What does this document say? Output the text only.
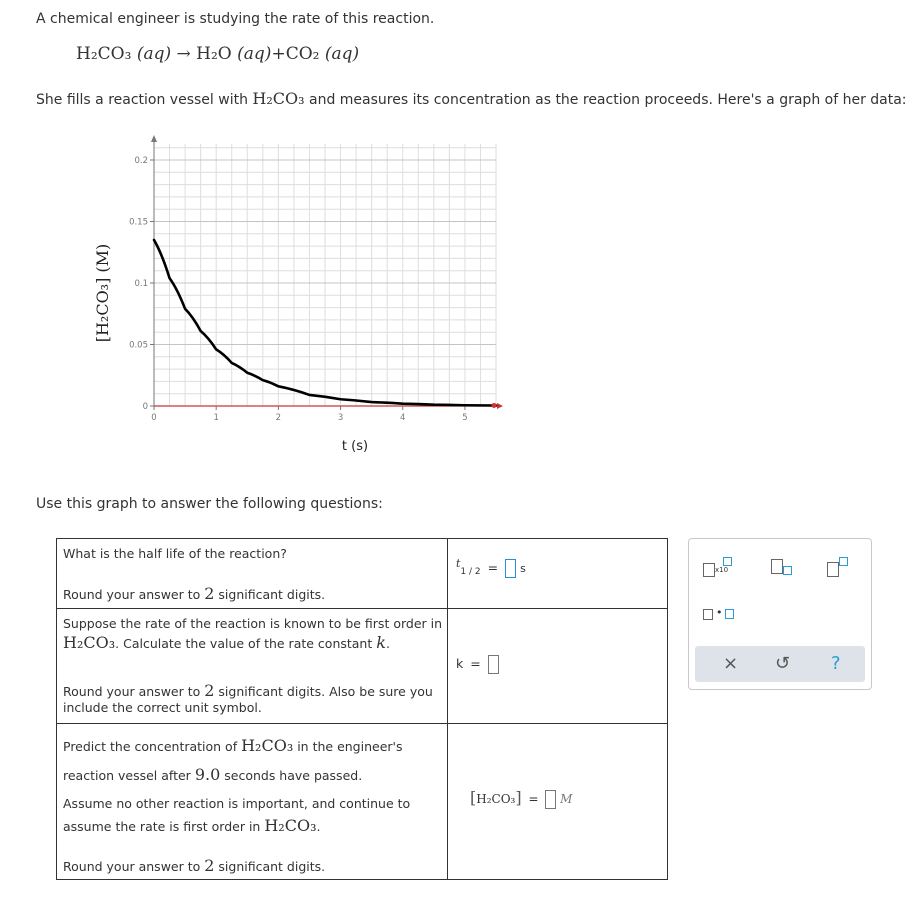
A chemical engineer is studying the rate of this reaction.
H₂CO₃ (aq) → H₂O (aq)+CO₂ (aq)
She fills a reaction vessel with H₂CO₃ and measures its concentration as the reaction proceeds. Here's a graph of her data:
0
0.05
0.1
0.15
0.2
0	1	2	3	4	5
t (s)
[H₂CO₃] (M)
Use this graph to answer the following questions:
What is the half life of the reaction?
Round your answer to 2 significant digits.	t1 / 2 = s

Suppose the rate of the reaction is known to be first order in
H₂CO₃. Calculate the value of the rate constant k.
Round your answer to 2 significant digits. Also be sure you
include the correct unit symbol.	k =

Predict the concentration of H₂CO₃ in the engineer's
reaction vessel after 9.0 seconds have passed.
Assume no other reaction is important, and continue to
assume the rate is first order in H₂CO₃.
Round your answer to 2 significant digits.	[H₂CO₃] = M
x10
•
× ↺ ?
